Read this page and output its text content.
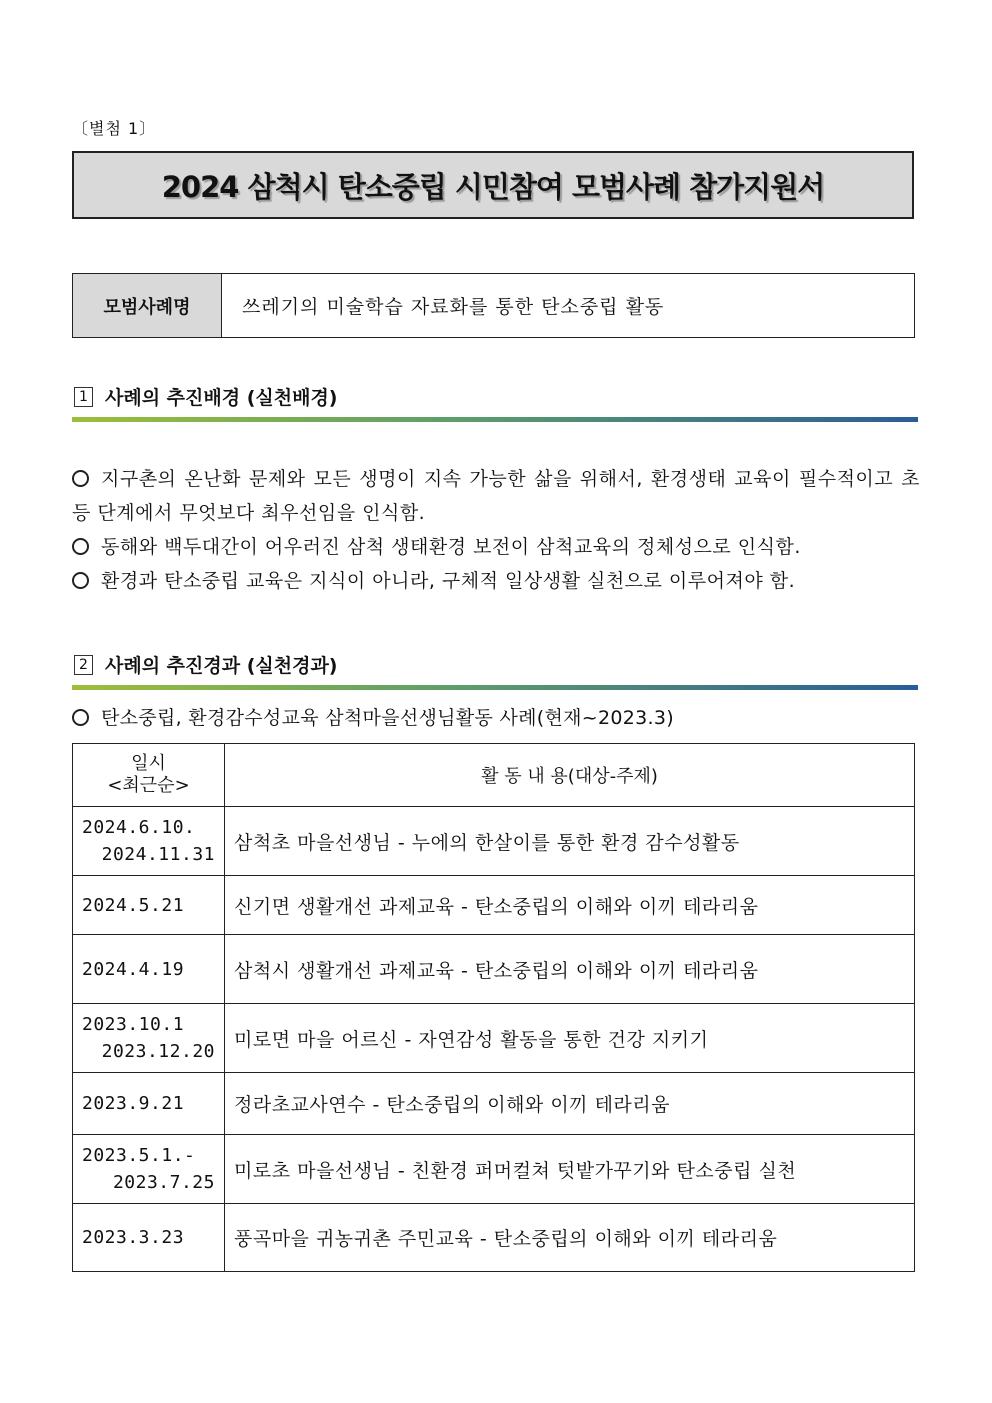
〔별첨 1〕
2024 삼척시 탄소중립 시민참여 모범사례 참가지원서
모범사례명	쓰레기의 미술학습 자료화를 통한 탄소중립 활동
1 사례의 추진배경 (실천배경)

지구촌의 온난화 문제와 모든 생명이 지속 가능한 삶을 위해서, 환경생태 교육이 필수적이고 초등 단계에서 무엇보다 최우선임을 인식함.

동해와 백두대간이 어우러진 삼척 생태환경 보전이 삼척교육의 정체성으로 인식함.

환경과 탄소중립 교육은 지식이 아니라, 구체적 일상생활 실천으로 이루어져야 함.

2 사례의 추진경과 (실천경과)
탄소중립, 환경감수성교육 삼척마을선생님활동 사례(현재~2023.3)
일시
<최근순>	활 동 내 용(대상-주제)
2024.6.10.
2024.11.31	삼척초 마을선생님 - 누에의 한살이를 통한 환경 감수성활동
2024.5.21	신기면 생활개선 과제교육 - 탄소중립의 이해와 이끼 테라리움
2024.4.19	삼척시 생활개선 과제교육 - 탄소중립의 이해와 이끼 테라리움
2023.10.1
2023.12.20	미로면 마을 어르신 - 자연감성 활동을 통한 건강 지키기
2023.9.21	정라초교사연수 - 탄소중립의 이해와 이끼 테라리움
2023.5.1.-
2023.7.25	미로초 마을선생님 - 친환경 퍼머컬쳐 텃밭가꾸기와 탄소중립 실천
2023.3.23	풍곡마을 귀농귀촌 주민교육 - 탄소중립의 이해와 이끼 테라리움
